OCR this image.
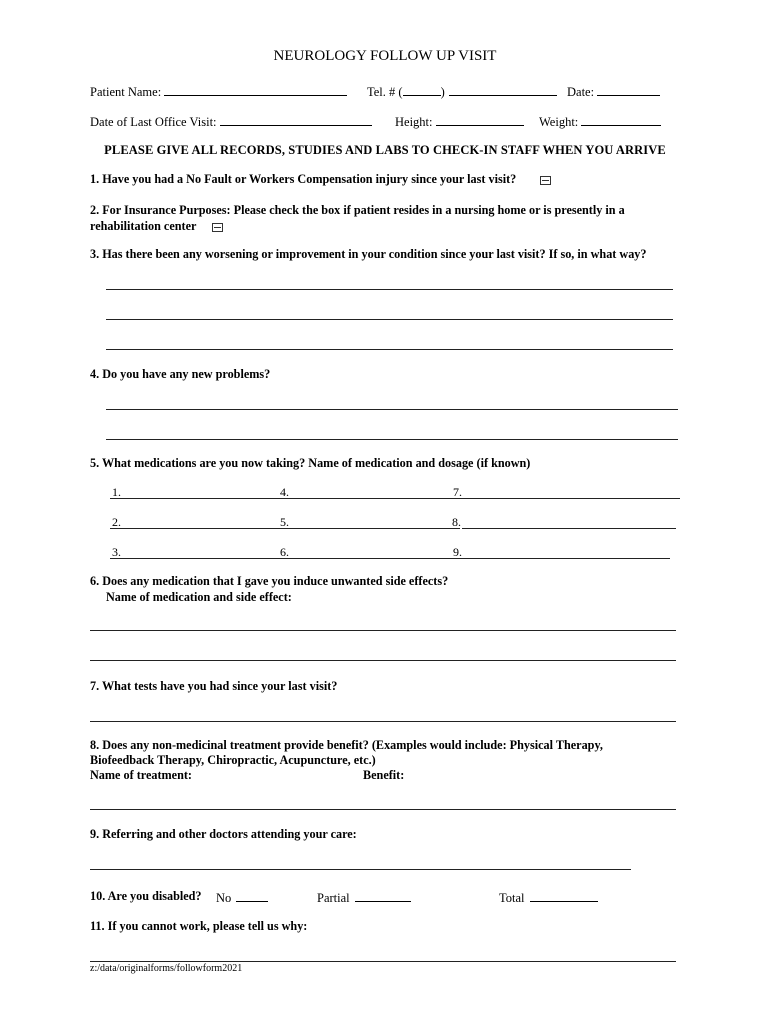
NEUROLOGY FOLLOW UP VISIT
Patient Name:	Tel. # (	)	Date:
Date of Last Office Visit:	Height:	Weight:
PLEASE GIVE ALL RECORDS, STUDIES AND LABS TO CHECK-IN STAFF WHEN YOU ARRIVE
1. Have you had a No Fault or Workers Compensation injury since your last visit?
2. For Insurance Purposes: Please check the box if patient resides in a nursing home or is presently in a rehabilitation center
3. Has there been any worsening or improvement in your condition since your last visit? If so, in what way?
4. Do you have any new problems?
5. What medications are you now taking? Name of medication and dosage (if known)
1.	4.	7.
2.	5.	8.
3.	6.	9.
6. Does any medication that I gave you induce unwanted side effects?
Name of medication and side effect:
7. What tests have you had since your last visit?
8. Does any non-medicinal treatment provide benefit? (Examples would include: Physical Therapy,
Biofeedback Therapy, Chiropractic, Acupuncture, etc.)
Name of treatment:	Benefit:
9. Referring and other doctors attending your care:
10. Are you disabled? No	Partial	Total
11. If you cannot work, please tell us why:
z:/data/originalforms/followform2021
